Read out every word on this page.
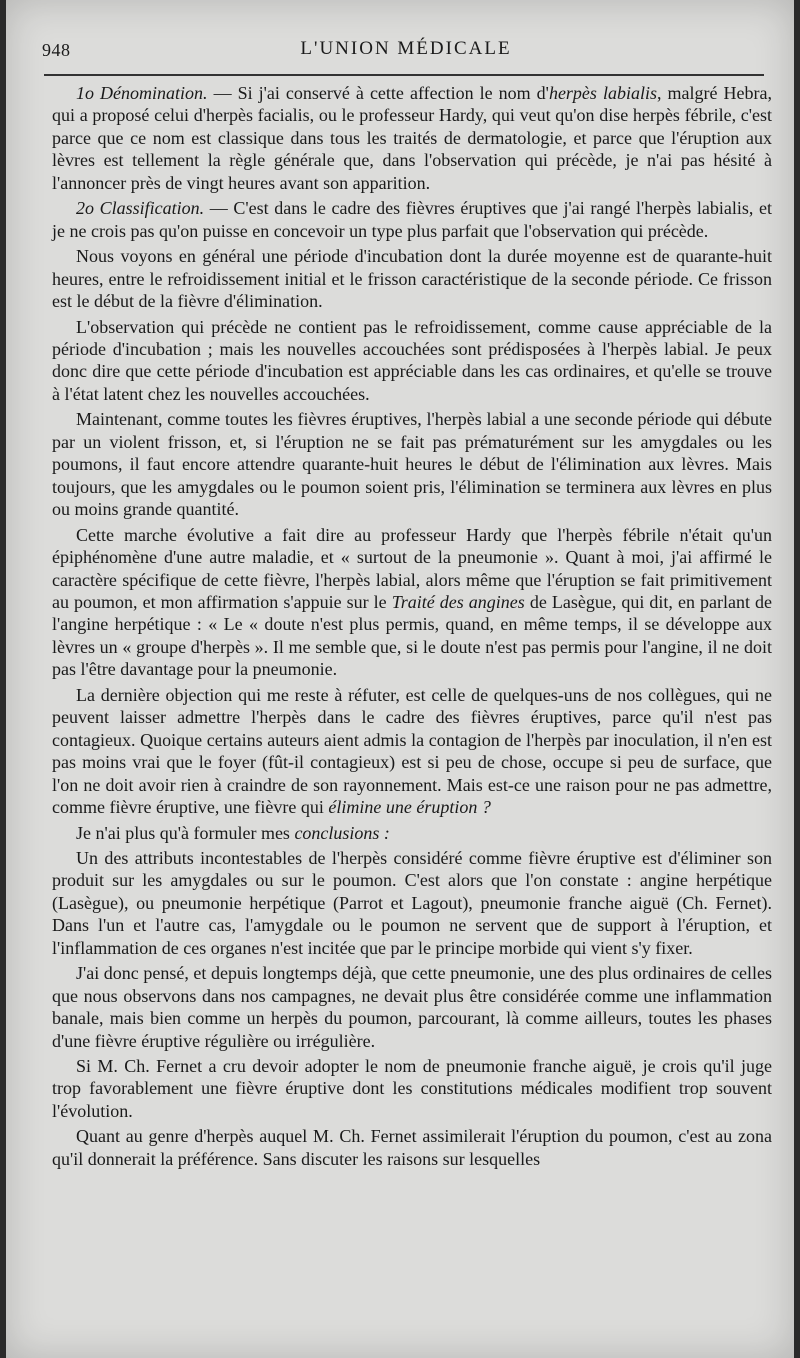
948	L'UNION MÉDICALE

1o Dénomination. — Si j'ai conservé à cette affection le nom d'herpès labialis, malgré Hebra, qui a proposé celui d'herpès facialis, ou le professeur Hardy, qui veut qu'on dise herpès fébrile, c'est parce que ce nom est classique dans tous les traités de dermatologie, et parce que l'éruption aux lèvres est tellement la règle générale que, dans l'observation qui précède, je n'ai pas hésité à l'annoncer près de vingt heures avant son apparition.

2o Classification. — C'est dans le cadre des fièvres éruptives que j'ai rangé l'herpès labialis, et je ne crois pas qu'on puisse en concevoir un type plus parfait que l'observation qui précède.

Nous voyons en général une période d'incubation dont la durée moyenne est de quarante-huit heures, entre le refroidissement initial et le frisson caractéristique de la seconde période. Ce frisson est le début de la fièvre d'élimination.

L'observation qui précède ne contient pas le refroidissement, comme cause appréciable de la période d'incubation ; mais les nouvelles accouchées sont prédisposées à l'herpès labial. Je peux donc dire que cette période d'incubation est appréciable dans les cas ordinaires, et qu'elle se trouve à l'état latent chez les nouvelles accouchées.

Maintenant, comme toutes les fièvres éruptives, l'herpès labial a une seconde période qui débute par un violent frisson, et, si l'éruption ne se fait pas prématurément sur les amygdales ou les poumons, il faut encore attendre quarante-huit heures le début de l'élimination aux lèvres. Mais toujours, que les amygdales ou le poumon soient pris, l'élimination se terminera aux lèvres en plus ou moins grande quantité.

Cette marche évolutive a fait dire au professeur Hardy que l'herpès fébrile n'était qu'un épiphénomène d'une autre maladie, et « surtout de la pneumonie ». Quant à moi, j'ai affirmé le caractère spécifique de cette fièvre, l'herpès labial, alors même que l'éruption se fait primitivement au poumon, et mon affirmation s'appuie sur le Traité des angines de Lasègue, qui dit, en parlant de l'angine herpétique : « Le « doute n'est plus permis, quand, en même temps, il se développe aux lèvres un « groupe d'herpès ». Il me semble que, si le doute n'est pas permis pour l'angine, il ne doit pas l'être davantage pour la pneumonie.

La dernière objection qui me reste à réfuter, est celle de quelques-uns de nos collègues, qui ne peuvent laisser admettre l'herpès dans le cadre des fièvres éruptives, parce qu'il n'est pas contagieux. Quoique certains auteurs aient admis la contagion de l'herpès par inoculation, il n'en est pas moins vrai que le foyer (fût-il contagieux) est si peu de chose, occupe si peu de surface, que l'on ne doit avoir rien à craindre de son rayonnement. Mais est-ce une raison pour ne pas admettre, comme fièvre éruptive, une fièvre qui élimine une éruption ?

Je n'ai plus qu'à formuler mes conclusions :

Un des attributs incontestables de l'herpès considéré comme fièvre éruptive est d'éliminer son produit sur les amygdales ou sur le poumon. C'est alors que l'on constate : angine herpétique (Lasègue), ou pneumonie herpétique (Parrot et Lagout), pneumonie franche aiguë (Ch. Fernet). Dans l'un et l'autre cas, l'amygdale ou le poumon ne servent que de support à l'éruption, et l'inflammation de ces organes n'est incitée que par le principe morbide qui vient s'y fixer.

J'ai donc pensé, et depuis longtemps déjà, que cette pneumonie, une des plus ordinaires de celles que nous observons dans nos campagnes, ne devait plus être considérée comme une inflammation banale, mais bien comme un herpès du poumon, parcourant, là comme ailleurs, toutes les phases d'une fièvre éruptive régulière ou irrégulière.

Si M. Ch. Fernet a cru devoir adopter le nom de pneumonie franche aiguë, je crois qu'il juge trop favorablement une fièvre éruptive dont les constitutions médicales modifient trop souvent l'évolution.

Quant au genre d'herpès auquel M. Ch. Fernet assimilerait l'éruption du poumon, c'est au zona qu'il donnerait la préférence. Sans discuter les raisons sur lesquelles
